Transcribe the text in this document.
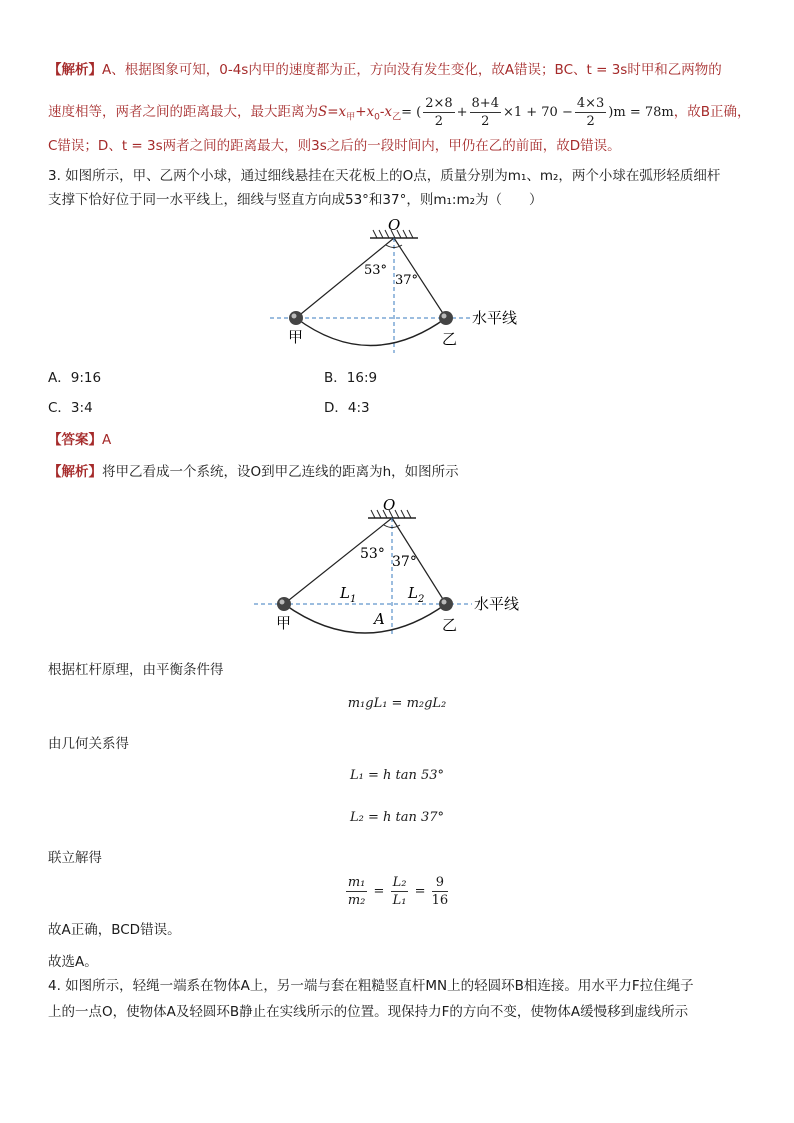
【解析】A、根据图象可知，0-4s内甲的速度都为正，方向没有发生变化，故A错误；BC、t = 3s时甲和乙两物的
速度相等，两者之间的距离最大，最大距离为$S=x_甲+x_0-x_乙=$ ( $\frac{2\times 8}{2} + \frac{8+4}{2} \times 1 + 70 - \frac{4\times 3}{2} )m = 78m$，故B正确，
C错误；D、t = 3s两者之间的距离最大，则3s之后的一段时间内，甲仍在乙的前面，故D错误。
3. 如图所示，甲、乙两个小球，通过细线悬挂在天花板上的O点，质量分别为m₁、m₂，两个小球在弧形轻质细杆
支撑下恰好位于同一水平线上，细线与竖直方向成53°和37°，则m₁:m₂为（　　）
O
53°
37°
甲	乙
水平线
A．9:16	B．16:9
C．3:4	D．4:3
【答案】A
【解析】将甲乙看成一个系统，设O到甲乙连线的距离为h，如图所示
O
53° 37°
$L_1$	$L_2$
A
甲	乙
水平线
根据杠杆原理，由平衡条件得
m₁gL₁ = m₂gL₂
由几何关系得
L₁ = h tan 53°
L₂ = h tan 37°
联立解得
$\frac{\text{m₁}}{\text{m₂}} = \frac{\text{L₂}}{\text{L₁}} = \frac{9}{16}$
故A正确，BCD错误。
故选A。
4. 如图所示，轻绳一端系在物体A上，另一端与套在粗糙竖直杆MN上的轻圆环B相连接。用水平力F拉住绳子
上的一点O，使物体A及轻圆环B静止在实线所示的位置。现保持力F的方向不变，使物体A缓慢移到虚线所示
